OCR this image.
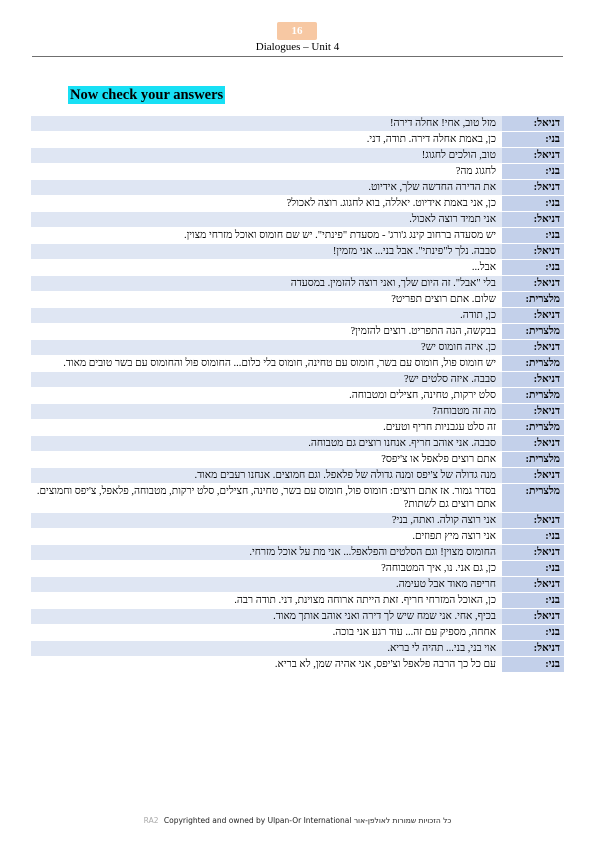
16
Dialogues – Unit 4
Now check your answers
דניאל:
מזל טוב, אחי! אחלה דירה!
בני:
כן, באמת אחלה דירה. תודה, דני.
דניאל:
טוב, הולכים לחגוג!
בני:
לחגוג מה?
דניאל:
את הדירה החדשה שלך, אידיוט.
בני:
כן, אני באמת אידיוט. יאללה, בוא לחגוג. רוצה לאכול?
דניאל:
אני תמיד רוצה לאכול.
בני:
יש מסעדה ברחוב קינג ג'ורג' - מסעדת "פינתי". יש שם חומוס ואוכל מזרחי מצוין.
דניאל:
סבבה. נלך ל"פינתי". אבל בני... אני מזמין!
בני:
אבל...
דניאל:
בלי "אבל". זה היום שלך, ואני רוצה להזמין. במסעדה
מלצרית:
שלום. אתם רוצים תפריט?
דניאל:
כן, תודה.
מלצרית:
בבקשה, הנה התפריט. רוצים להזמין?
דניאל:
כן. איזה חומוס יש?
מלצרית:
יש חומוס פול, חומוס עם בשר, חומוס עם טחינה, חומוס בלי כלום... החומוס פול והחומוס עם בשר טובים מאוד.
דניאל:
סבבה. איזה סלטים יש?
מלצרית:
סלט ירקות, טחינה, חצילים ומטבוחה.
דניאל:
מה זה מטבוחה?
מלצרית:
זה סלט עגבניות חריף וטעים.
דניאל:
סבבה. אני אוהב חריף. אנחנו רוצים גם מטבוחה.
מלצרית:
אתם רוצים פלאפל או צ'יפס?
דניאל:
מנה גדולה של צ'יפס ומנה גדולה של פלאפל. וגם חמוצים. אנחנו רעבים מאוד.
מלצרית:
בסדר גמור. אז אתם רוצים: חומוס פול, חומוס עם בשר, טחינה, חצילים, סלט ירקות, מטבוחה, פלאפל, צ'יפס וחמוצים. אתם רוצים גם לשתות?
דניאל:
אני רוצה קולה. ואתה, בני?
בני:
אני רוצה מיץ תפוזים.
דניאל:
החומוס מצוין! וגם הסלטים והפלאפל... אני מת על אוכל מזרחי.
בני:
כן, גם אני. נו, איך המטבוחה?
דניאל:
חריפה מאוד אבל טעימה.
בני:
כן, האוכל המזרחי חריף. זאת הייתה ארוחה מצוינת, דני. תודה רבה.
דניאל:
בכיף, אחי. אני שמח שיש לך דירה ואני אוהב אותך מאוד.
בני:
אחחה, מספיק עם זה... עוד רגע אני בוכה.
דניאל:
אוי בני, בני... תהיה לי בריא.
בני:
עם כל כך הרבה פלאפל וצ'יפס, אני אהיה שמן, לא בריא.
RA2 Copyrighted and owned by Ulpan-Or International כל הזכויות שמורות לאולפן-אור
